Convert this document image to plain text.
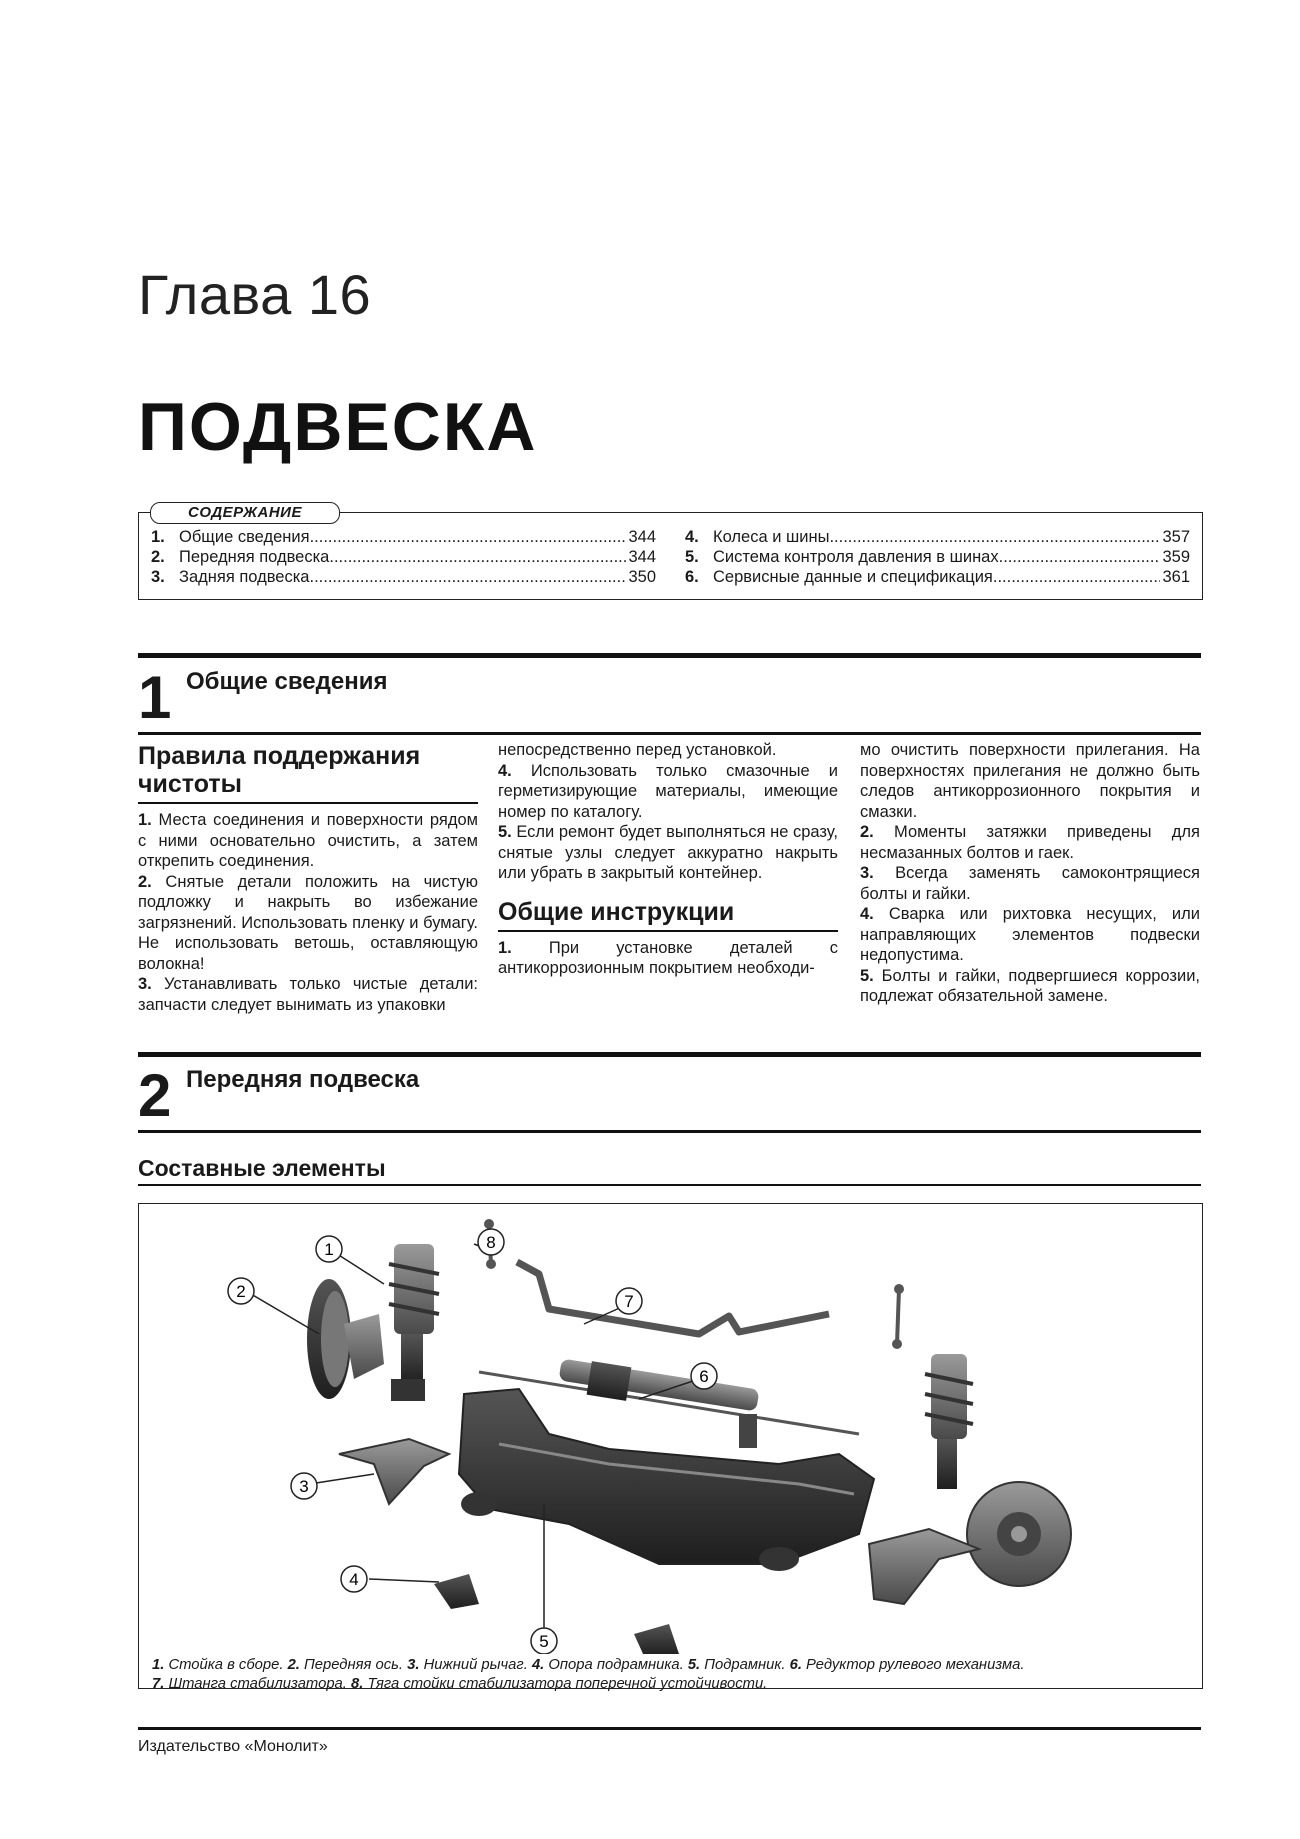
Глава 16
ПОДВЕСКА
1. Общие сведения .....	344
2. Передняя подвеска .....	344
3. Задняя подвеска .....	350
4. Колеса и шины .....	357
5. Система контроля давления в шинах .....	359
6. Сервисные данные и спецификация .....	361
СОДЕРЖАНИЕ
1 Общие сведения
Правила поддержания чистоты

1. Места соединения и поверхности рядом с ними основательно очистить, а затем открепить соединения.

2. Снятые детали положить на чистую подложку и накрыть во избежание загрязнений. Использовать пленку и бумагу. Не использовать ветошь, оставляющую волокна!

3. Устанавливать только чистые детали: запчасти следует вынимать из упаковки

непосредственно перед установкой.

4. Использовать только смазочные и герметизирующие материалы, имеющие номер по каталогу.

5. Если ремонт будет выполняться не сразу, снятые узлы следует аккуратно накрыть или убрать в закрытый контейнер.

Общие инструкции

1. При установке деталей с антикоррозионным покрытием необходи-

мо очистить поверхности прилегания. На поверхностях прилегания не должно быть следов антикоррозионного покрытия и смазки.

2. Моменты затяжки приведены для несмазанных болтов и гаек.

3. Всегда заменять самоконтрящиеся болты и гайки.

4. Сварка или рихтовка несущих, или направляющих элементов подвески недопустима.

5. Болты и гайки, подвергшиеся коррозии, подлежат обязательной замене.

2 Передняя подвеска
Составные элементы
1
2
3
4
5
6
7
8
1. Стойка в сборе. 2. Передняя ось. 3. Нижний рычаг. 4. Опора подрамника. 5. Подрамник. 6. Редуктор рулевого механизма.
7. Штанга стабилизатора. 8. Тяга стойки стабилизатора поперечной устойчивости.
Издательство «Монолит»
